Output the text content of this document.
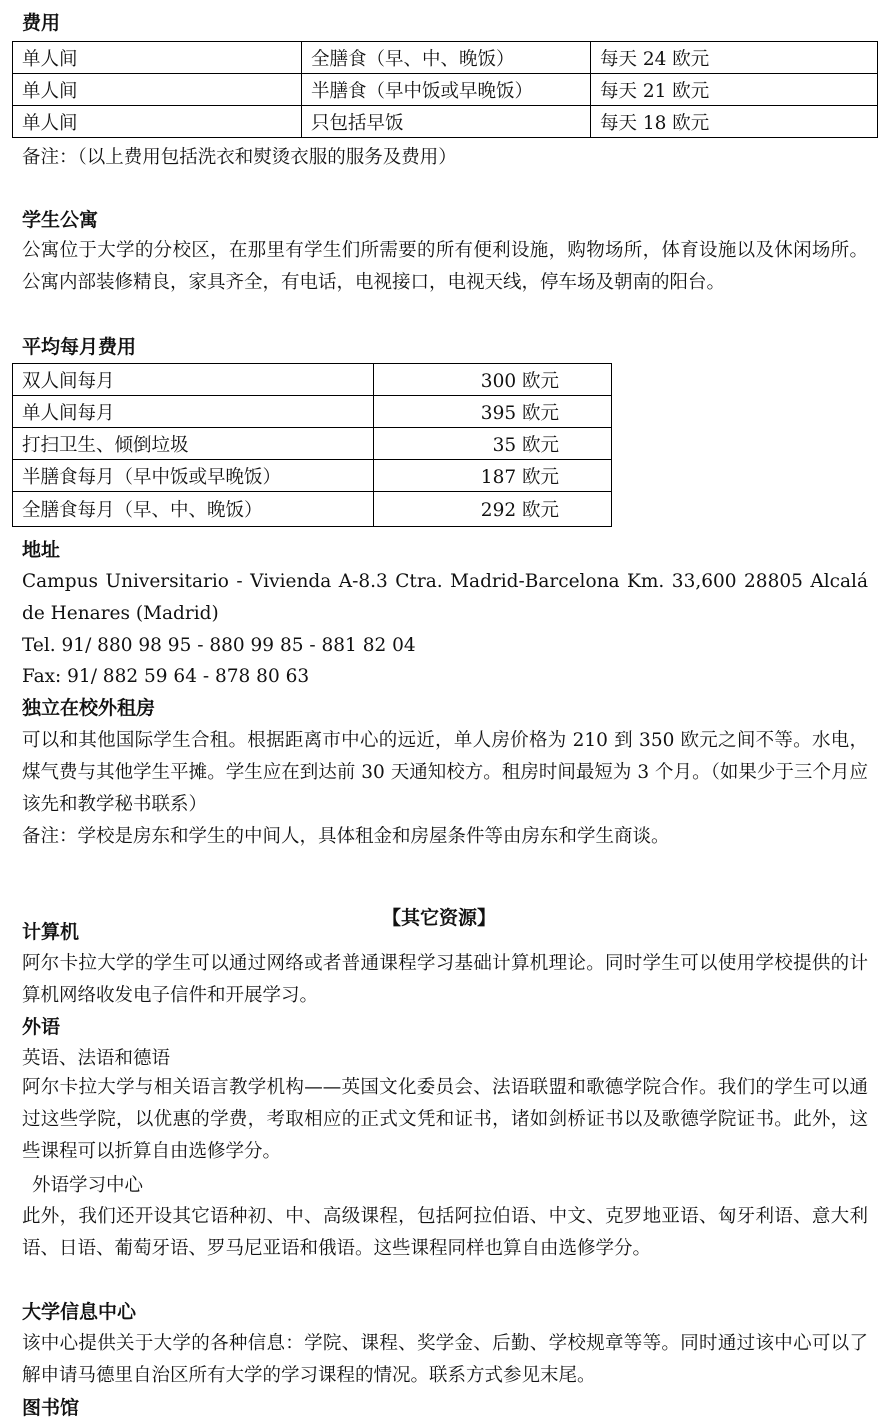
费用

单人间	全膳食（早、中、晚饭）	每天 24 欧元
单人间	半膳食（早中饭或早晚饭）	每天 21 欧元
单人间	只包括早饭	每天 18 欧元

备注：（以上费用包括洗衣和熨烫衣服的服务及费用）

学生公寓

公寓位于大学的分校区，在那里有学生们所需要的所有便利设施，购物场所，体育设施以及休闲场所。公寓内部装修精良，家具齐全，有电话，电视接口，电视天线，停车场及朝南的阳台。

平均每月费用

双人间每月	300 欧元
单人间每月	395 欧元
打扫卫生、倾倒垃圾	35 欧元
半膳食每月（早中饭或早晚饭）	187 欧元
全膳食每月（早、中、晚饭）	292 欧元

地址

Campus Universitario - Vivienda A-8.3 Ctra. Madrid-Barcelona Km. 33,600 28805 Alcalá de Henares (Madrid)

Tel. 91/ 880 98 95 - 880 99 85 - 881 82 04

Fax: 91/ 882 59 64 - 878 80 63

独立在校外租房

可以和其他国际学生合租。根据距离市中心的远近，单人房价格为 210 到 350 欧元之间不等。水电，煤气费与其他学生平摊。学生应在到达前 30 天通知校方。租房时间最短为 3 个月。（如果少于三个月应该先和教学秘书联系）

备注：学校是房东和学生的中间人，具体租金和房屋条件等由房东和学生商谈。

【其它资源】

计算机

阿尔卡拉大学的学生可以通过网络或者普通课程学习基础计算机理论。同时学生可以使用学校提供的计算机网络收发电子信件和开展学习。

外语

英语、法语和德语

阿尔卡拉大学与相关语言教学机构——英国文化委员会、法语联盟和歌德学院合作。我们的学生可以通过这些学院，以优惠的学费，考取相应的正式文凭和证书，诸如剑桥证书以及歌德学院证书。此外，这些课程可以折算自由选修学分。

外语学习中心

此外，我们还开设其它语种初、中、高级课程，包括阿拉伯语、中文、克罗地亚语、匈牙利语、意大利语、日语、葡萄牙语、罗马尼亚语和俄语。这些课程同样也算自由选修学分。

大学信息中心

该中心提供关于大学的各种信息：学院、课程、奖学金、后勤、学校规章等等。同时通过该中心可以了解申请马德里自治区所有大学的学习课程的情况。联系方式参见末尾。

图书馆
